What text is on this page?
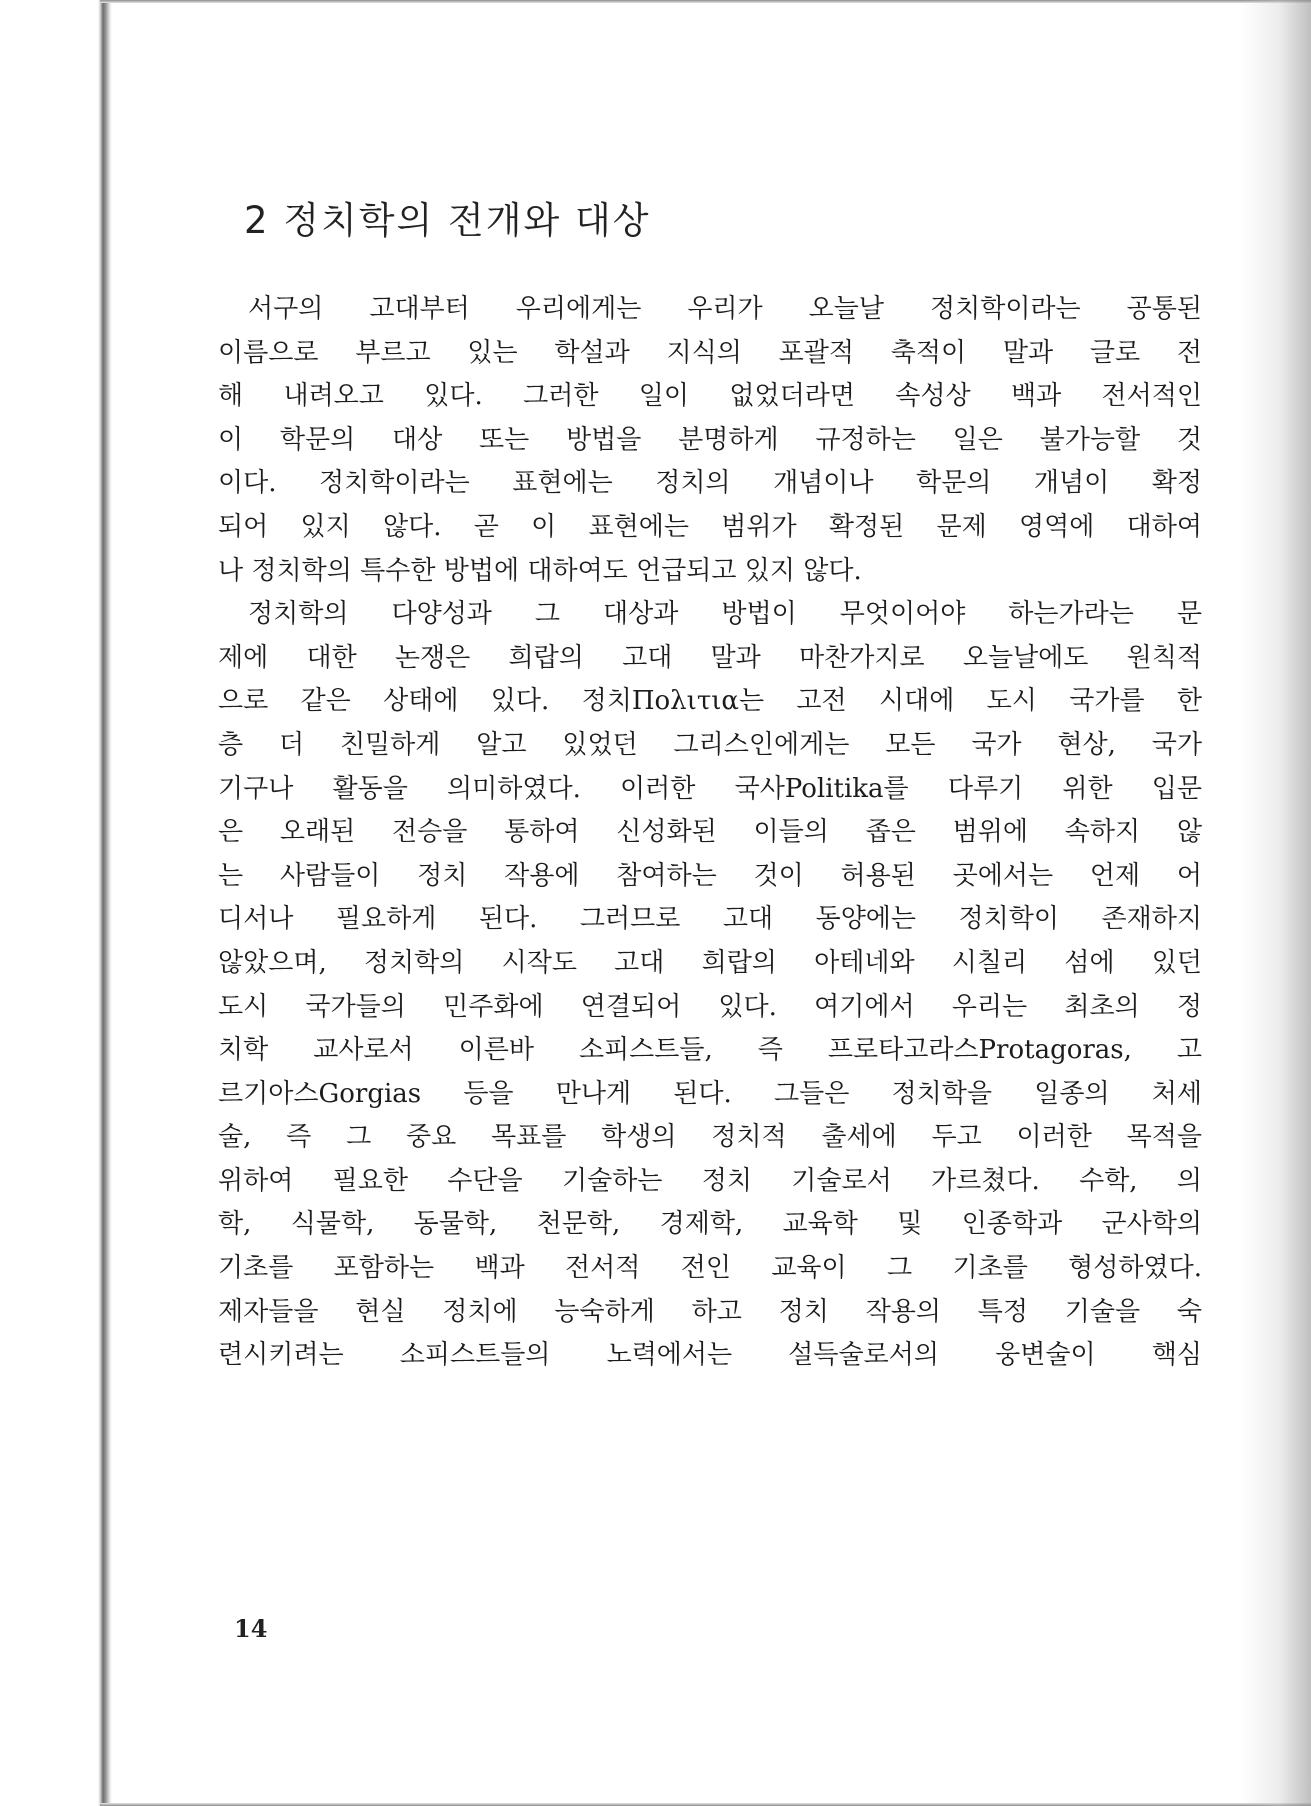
2 정치학의 전개와 대상
서구의 고대부터 우리에게는 우리가 오늘날 정치학이라는 공통된
이름으로 부르고 있는 학설과 지식의 포괄적 축적이 말과 글로 전
해 내려오고 있다. 그러한 일이 없었더라면 속성상 백과 전서적인
이 학문의 대상 또는 방법을 분명하게 규정하는 일은 불가능할 것
이다. 정치학이라는 표현에는 정치의 개념이나 학문의 개념이 확정
되어 있지 않다. 곧 이 표현에는 범위가 확정된 문제 영역에 대하여
나 정치학의 특수한 방법에 대하여도 언급되고 있지 않다.
정치학의 다양성과 그 대상과 방법이 무엇이어야 하는가라는 문
제에 대한 논쟁은 희랍의 고대 말과 마찬가지로 오늘날에도 원칙적
으로 같은 상태에 있다. 정치Πολιτια는 고전 시대에 도시 국가를 한
층 더 친밀하게 알고 있었던 그리스인에게는 모든 국가 현상, 국가
기구나 활동을 의미하였다. 이러한 국사Politika를 다루기 위한 입문
은 오래된 전승을 통하여 신성화된 이들의 좁은 범위에 속하지 않
는 사람들이 정치 작용에 참여하는 것이 허용된 곳에서는 언제 어
디서나 필요하게 된다. 그러므로 고대 동양에는 정치학이 존재하지
않았으며, 정치학의 시작도 고대 희랍의 아테네와 시칠리 섬에 있던
도시 국가들의 민주화에 연결되어 있다. 여기에서 우리는 최초의 정
치학 교사로서 이른바 소피스트들, 즉 프로타고라스Protagoras, 고
르기아스Gorgias 등을 만나게 된다. 그들은 정치학을 일종의 처세
술, 즉 그 중요 목표를 학생의 정치적 출세에 두고 이러한 목적을
위하여 필요한 수단을 기술하는 정치 기술로서 가르쳤다. 수학, 의
학, 식물학, 동물학, 천문학, 경제학, 교육학 및 인종학과 군사학의
기초를 포함하는 백과 전서적 전인 교육이 그 기초를 형성하였다.
제자들을 현실 정치에 능숙하게 하고 정치 작용의 특정 기술을 숙
련시키려는 소피스트들의 노력에서는 설득술로서의 웅변술이 핵심
14
